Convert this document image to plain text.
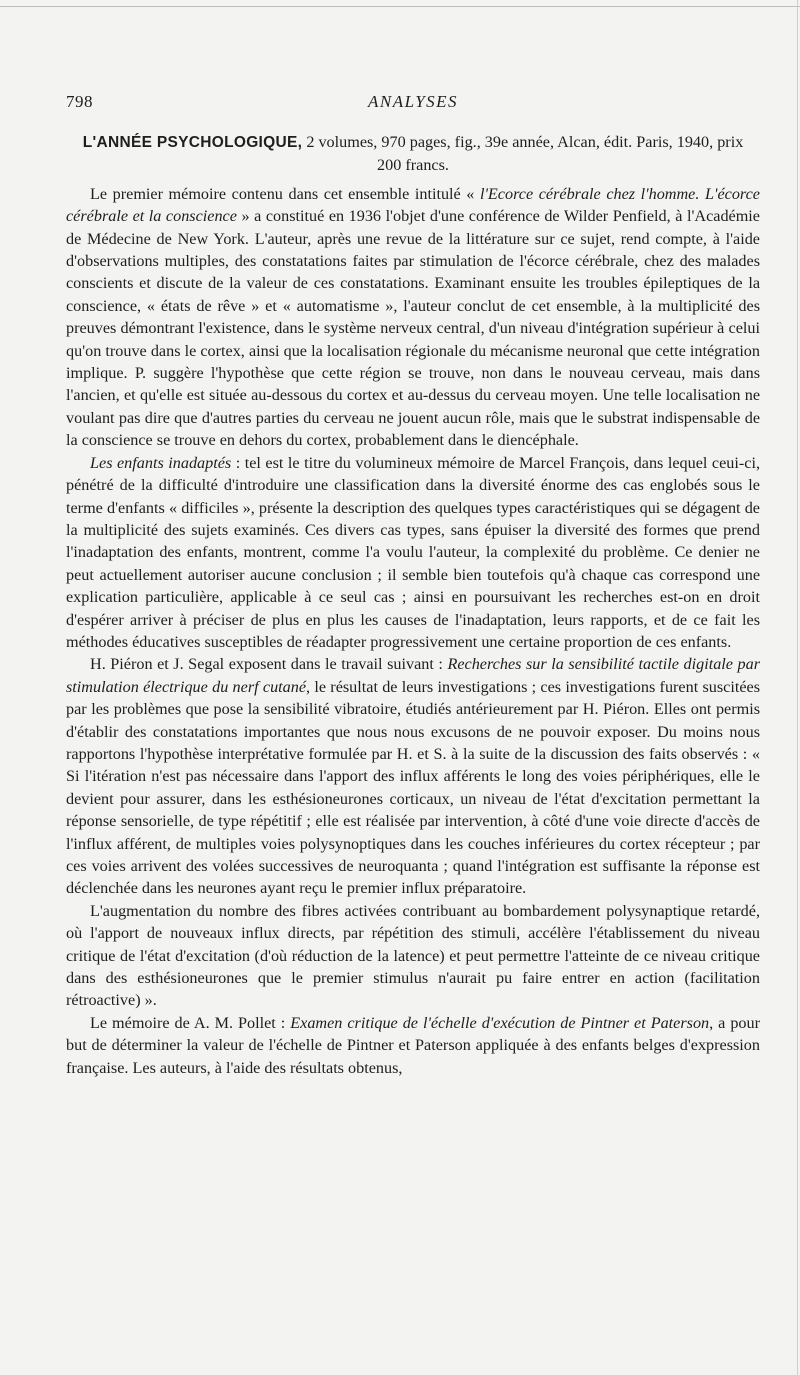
798	ANALYSES

L'ANNÉE PSYCHOLOGIQUE, 2 volumes, 970 pages, fig., 39e année, Alcan, édit. Paris, 1940, prix 200 francs.

Le premier mémoire contenu dans cet ensemble intitulé « l'Ecorce cérébrale chez l'homme. L'écorce cérébrale et la conscience » a constitué en 1936 l'objet d'une conférence de Wilder Penfield, à l'Académie de Médecine de New York. L'auteur, après une revue de la littérature sur ce sujet, rend compte, à l'aide d'observations multiples, des constatations faites par stimulation de l'écorce cérébrale, chez des malades conscients et discute de la valeur de ces constatations. Examinant ensuite les troubles épileptiques de la conscience, « états de rêve » et « automatisme », l'auteur conclut de cet ensemble, à la multiplicité des preuves démontrant l'existence, dans le système nerveux central, d'un niveau d'intégration supérieur à celui qu'on trouve dans le cortex, ainsi que la localisation régionale du mécanisme neuronal que cette intégration implique. P. suggère l'hypothèse que cette région se trouve, non dans le nouveau cerveau, mais dans l'ancien, et qu'elle est située au-dessous du cortex et au-dessus du cerveau moyen. Une telle localisation ne voulant pas dire que d'autres parties du cerveau ne jouent aucun rôle, mais que le substrat indispensable de la conscience se trouve en dehors du cortex, probablement dans le diencéphale.

Les enfants inadaptés : tel est le titre du volumineux mémoire de Marcel François, dans lequel ceui-ci, pénétré de la difficulté d'introduire une classification dans la diversité énorme des cas englobés sous le terme d'enfants « difficiles », présente la description des quelques types caractéristiques qui se dégagent de la multiplicité des sujets examinés. Ces divers cas types, sans épuiser la diversité des formes que prend l'inadaptation des enfants, montrent, comme l'a voulu l'auteur, la complexité du problème. Ce denier ne peut actuellement autoriser aucune conclusion ; il semble bien toutefois qu'à chaque cas correspond une explication particulière, applicable à ce seul cas ; ainsi en poursuivant les recherches est-on en droit d'espérer arriver à préciser de plus en plus les causes de l'inadaptation, leurs rapports, et de ce fait les méthodes éducatives susceptibles de réadapter progressivement une certaine proportion de ces enfants.

H. Piéron et J. Segal exposent dans le travail suivant : Recherches sur la sensibilité tactile digitale par stimulation électrique du nerf cutané, le résultat de leurs investigations ; ces investigations furent suscitées par les problèmes que pose la sensibilité vibratoire, étudiés antérieurement par H. Piéron. Elles ont permis d'établir des constatations importantes que nous nous excusons de ne pouvoir exposer. Du moins nous rapportons l'hypothèse interprétative formulée par H. et S. à la suite de la discussion des faits observés : « Si l'itération n'est pas nécessaire dans l'apport des influx afférents le long des voies périphériques, elle le devient pour assurer, dans les esthésioneurones corticaux, un niveau de l'état d'excitation permettant la réponse sensorielle, de type répétitif ; elle est réalisée par intervention, à côté d'une voie directe d'accès de l'influx afférent, de multiples voies polysynoptiques dans les couches inférieures du cortex récepteur ; par ces voies arrivent des volées successives de neuroquanta ; quand l'intégration est suffisante la réponse est déclenchée dans les neurones ayant reçu le premier influx préparatoire.

L'augmentation du nombre des fibres activées contribuant au bombardement polysynaptique retardé, où l'apport de nouveaux influx directs, par répétition des stimuli, accélère l'établissement du niveau critique de l'état d'excitation (d'où réduction de la latence) et peut permettre l'atteinte de ce niveau critique dans des esthésioneurones que le premier stimulus n'aurait pu faire entrer en action (facilitation rétroactive) ».

Le mémoire de A. M. Pollet : Examen critique de l'échelle d'exécution de Pintner et Paterson, a pour but de déterminer la valeur de l'échelle de Pintner et Paterson appliquée à des enfants belges d'expression française. Les auteurs, à l'aide des résultats obtenus,
